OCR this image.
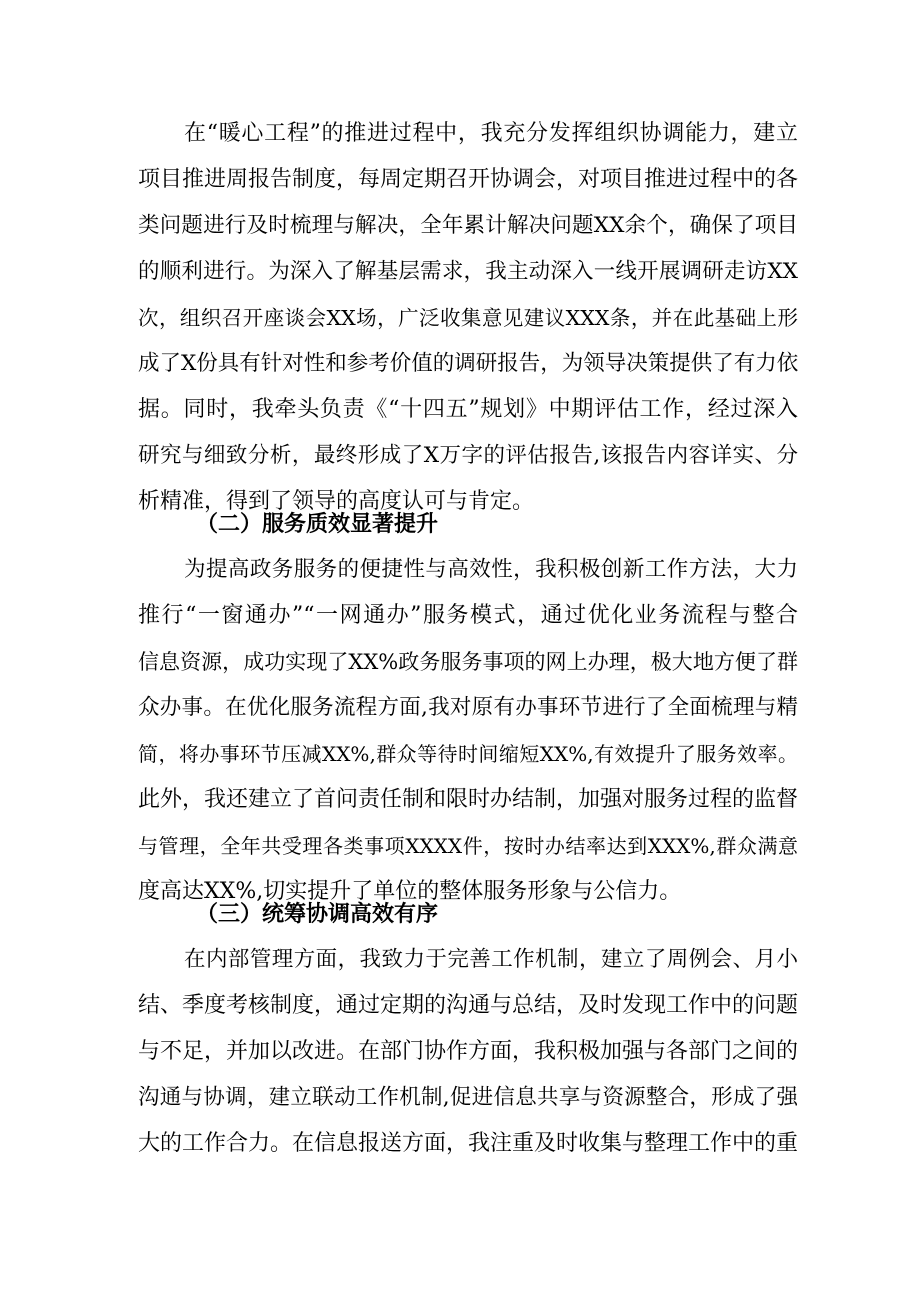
在“暖心工程”的推进过程中，我充分发挥组织协调能力，建立
项目推进周报告制度，每周定期召开协调会，对项目推进过程中的各
类问题进行及时梳理与解决，全年累计解决问题XX余个，确保了项目
的顺利进行。为深入了解基层需求，我主动深入一线开展调研走访XX
次，组织召开座谈会XX场，广泛收集意见建议XXX条，并在此基础上形
成了X份具有针对性和参考价值的调研报告，为领导决策提供了有力依
据。同时，我牵头负责《“十四五”规划》中期评估工作，经过深入
研究与细致分析，最终形成了X万字的评估报告,该报告内容详实、分
析精准，得到了领导的高度认可与肯定。
（二）服务质效显著提升
为提高政务服务的便捷性与高效性，我积极创新工作方法，大力
推行“一窗通办”“一网通办”服务模式，通过优化业务流程与整合
信息资源，成功实现了XX%政务服务事项的网上办理，极大地方便了群
众办事。在优化服务流程方面,我对原有办事环节进行了全面梳理与精
简，将办事环节压减XX%,群众等待时间缩短XX%,有效提升了服务效率。
此外，我还建立了首问责任制和限时办结制，加强对服务过程的监督
与管理，全年共受理各类事项XXXX件，按时办结率达到XXX%,群众满意
度高达XX%,切实提升了单位的整体服务形象与公信力。
（三）统筹协调高效有序
在内部管理方面，我致力于完善工作机制，建立了周例会、月小
结、季度考核制度，通过定期的沟通与总结，及时发现工作中的问题
与不足，并加以改进。在部门协作方面，我积极加强与各部门之间的
沟通与协调，建立联动工作机制,促进信息共享与资源整合，形成了强
大的工作合力。在信息报送方面，我注重及时收集与整理工作中的重
